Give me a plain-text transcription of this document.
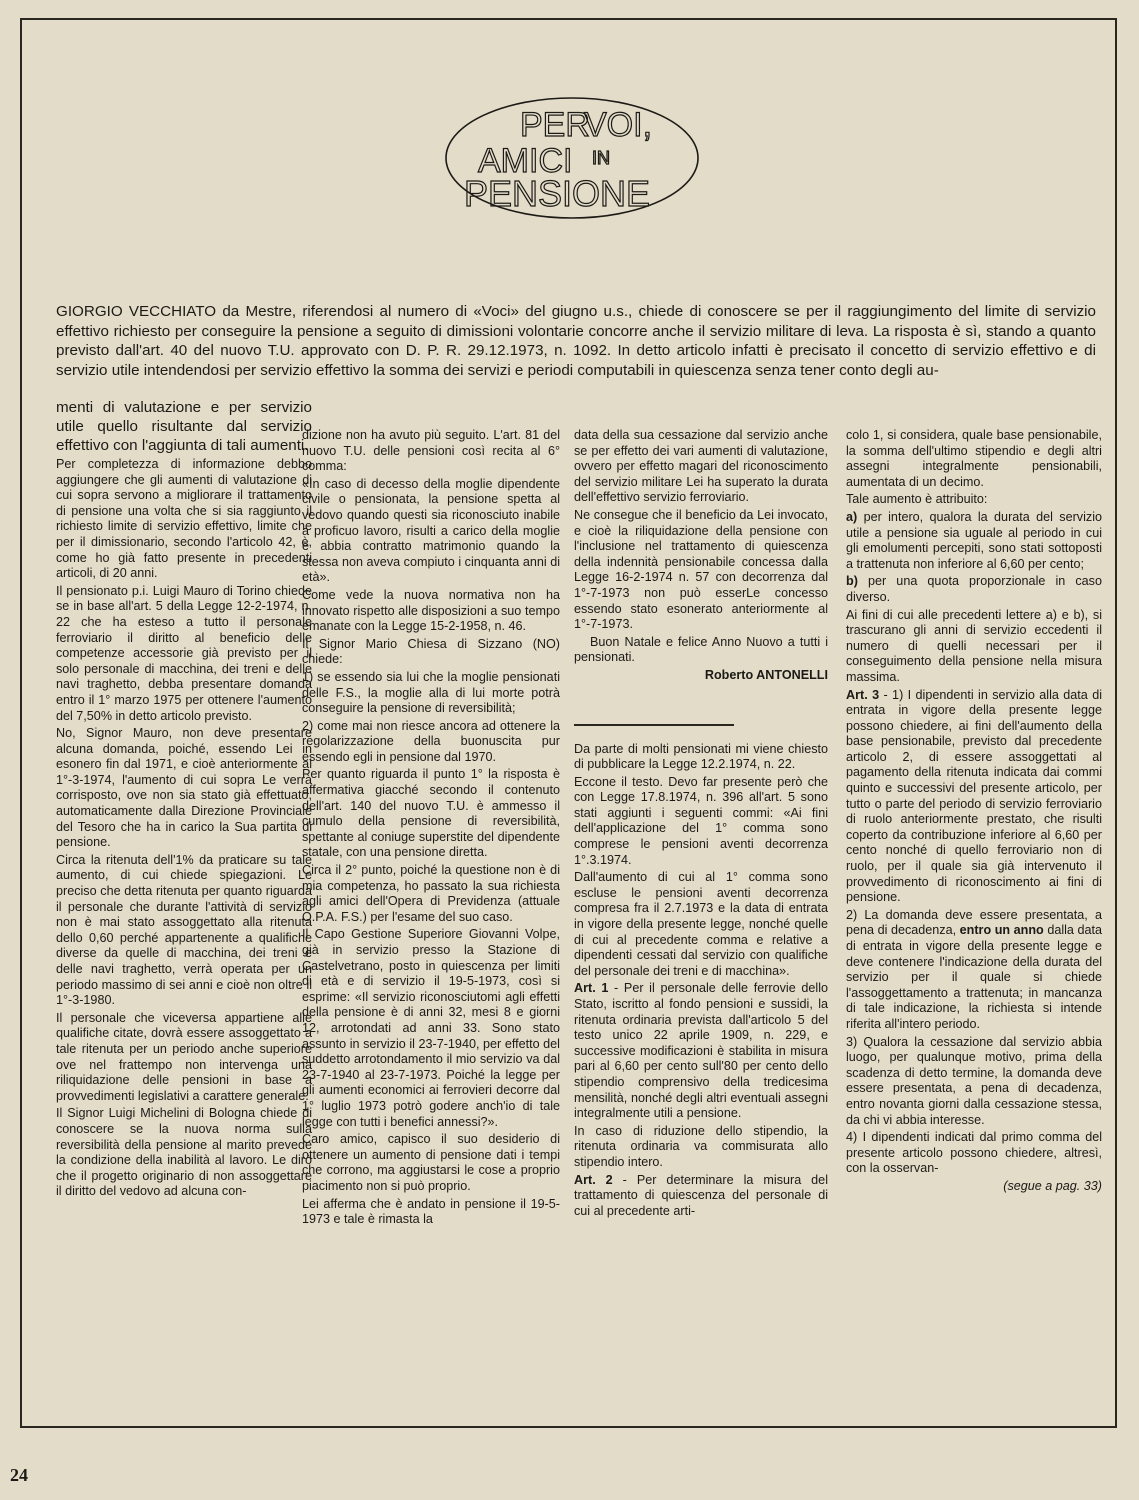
PER
VOI,
AMICI IN
PENSIONE

GIORGIO VECCHIATO da Mestre, riferendosi al numero di «Voci» del giugno u.s., chiede di conoscere se per il raggiungimento del limite di servizio effettivo richiesto per conseguire la pensione a seguito di dimissioni volontarie concorre anche il servizio militare di leva. La risposta è sì, stando a quanto previsto dall'art. 40 del nuovo T.U. approvato con D. P. R. 29.12.1973, n. 1092. In detto articolo infatti è precisato il concetto di servizio effettivo e di servizio utile intendendosi per servizio effettivo la somma dei servizi e periodi computabili in quiescenza senza tener conto degli au-

menti di valutazione e per servizio utile quello risultante dal servizio effettivo con l'aggiunta di tali aumenti.

Per completezza di informazione debbo aggiungere che gli aumenti di valutazione di cui sopra servono a migliorare il trattamento di pensione una volta che si sia raggiunto il richiesto limite di servizio effettivo, limite che per il dimissionario, secondo l'articolo 42, è, come ho già fatto presente in precedenti articoli, di 20 anni.

Il pensionato p.i. Luigi Mauro di Torino chiede se in base all'art. 5 della Legge 12-2-1974, n. 22 che ha esteso a tutto il personale ferroviario il diritto al beneficio delle competenze accessorie già previsto per il solo personale di macchina, dei treni e delle navi traghetto, debba presentare domanda entro il 1° marzo 1975 per ottenere l'aumento del 7,50% in detto articolo previsto.

No, Signor Mauro, non deve presentare alcuna domanda, poiché, essendo Lei in esonero fin dal 1971, e cioè anteriormente al 1°-3-1974, l'aumento di cui sopra Le verrà corrisposto, ove non sia stato già effettuato, automaticamente dalla Direzione Provinciale del Tesoro che ha in carico la Sua partita di pensione.

Circa la ritenuta dell'1% da praticare su tale aumento, di cui chiede spiegazioni. Le preciso che detta ritenuta per quanto riguarda il personale che durante l'attività di servizio non è mai stato assoggettato alla ritenuta dello 0,60 perché appartenente a qualifiche diverse da quelle di macchina, dei treni e delle navi traghetto, verrà operata per un periodo massimo di sei anni e cioè non oltre il 1°-3-1980.

Il personale che viceversa appartiene alle qualifiche citate, dovrà essere assoggettato a tale ritenuta per un periodo anche superiore ove nel frattempo non intervenga una riliquidazione delle pensioni in base a provvedimenti legislativi a carattere generale.

Il Signor Luigi Michelini di Bologna chiede di conoscere se la nuova norma sulla reversibilità della pensione al marito prevede la condizione della inabilità al lavoro. Le dirò che il progetto originario di non assoggettare il diritto del vedovo ad alcuna con-

dizione non ha avuto più seguito. L'art. 81 del nuovo T.U. delle pensioni così recita al 6° comma:

«In caso di decesso della moglie dipendente civile o pensionata, la pensione spetta al vedovo quando questi sia riconosciuto inabile a proficuo lavoro, risulti a carico della moglie e abbia contratto matrimonio quando la stessa non aveva compiuto i cinquanta anni di età».

Come vede la nuova normativa non ha innovato rispetto alle disposizioni a suo tempo emanate con la Legge 15-2-1958, n. 46.

Il Signor Mario Chiesa di Sizzano (NO) chiede:

1) se essendo sia lui che la moglie pensionati delle F.S., la moglie alla di lui morte potrà conseguire la pensione di reversibilità;

2) come mai non riesce ancora ad ottenere la regolarizzazione della buonuscita pur essendo egli in pensione dal 1970.

Per quanto riguarda il punto 1° la risposta è affermativa giacché secondo il contenuto dell'art. 140 del nuovo T.U. è ammesso il cumulo della pensione di reversibilità, spettante al coniuge superstite del dipendente statale, con una pensione diretta.

Circa il 2° punto, poiché la questione non è di mia competenza, ho passato la sua richiesta agli amici dell'Opera di Previdenza (attuale O.P.A. F.S.) per l'esame del suo caso.

Il Capo Gestione Superiore Giovanni Volpe, già in servizio presso la Stazione di Castelvetrano, posto in quiescenza per limiti di età e di servizio il 19-5-1973, così si esprime: «Il servizio riconosciutomi agli effetti della pensione è di anni 32, mesi 8 e giorni 12, arrotondati ad anni 33. Sono stato assunto in servizio il 23-7-1940, per effetto del suddetto arrotondamento il mio servizio va dal 23-7-1940 al 23-7-1973. Poiché la legge per gli aumenti economici ai ferrovieri decorre dal 1° luglio 1973 potrò godere anch'io di tale legge con tutti i benefici annessi?».

Caro amico, capisco il suo desiderio di ottenere un aumento di pensione dati i tempi che corrono, ma aggiustarsi le cose a proprio piacimento non si può proprio.

Lei afferma che è andato in pensione il 19-5-1973 e tale è rimasta la

data della sua cessazione dal servizio anche se per effetto dei vari aumenti di valutazione, ovvero per effetto magari del riconoscimento del servizio militare Lei ha superato la durata dell'effettivo servizio ferroviario.

Ne consegue che il beneficio da Lei invocato, e cioè la riliquidazione della pensione con l'inclusione nel trattamento di quiescenza della indennità pensionabile concessa dalla Legge 16-2-1974 n. 57 con decorrenza dal 1°-7-1973 non può esserLe concesso essendo stato esonerato anteriormente al 1°-7-1973.

Buon Natale e felice Anno Nuovo a tutti i pensionati.

Roberto ANTONELLI

Da parte di molti pensionati mi viene chiesto di pubblicare la Legge 12.2.1974, n. 22.

Eccone il testo. Devo far presente però che con Legge 17.8.1974, n. 396 all'art. 5 sono stati aggiunti i seguenti commi: «Ai fini dell'applicazione del 1° comma sono comprese le pensioni aventi decorrenza 1°.3.1974.

Dall'aumento di cui al 1° comma sono escluse le pensioni aventi decorrenza compresa fra il 2.7.1973 e la data di entrata in vigore della presente legge, nonché quelle di cui al precedente comma e relative a dipendenti cessati dal servizio con qualifiche del personale dei treni e di macchina».

Art. 1 - Per il personale delle ferrovie dello Stato, iscritto al fondo pensioni e sussidi, la ritenuta ordinaria prevista dall'articolo 5 del testo unico 22 aprile 1909, n. 229, e successive modificazioni è stabilita in misura pari al 6,60 per cento sull'80 per cento dello stipendio comprensivo della tredicesima mensilità, nonché degli altri eventuali assegni integralmente utili a pensione.

In caso di riduzione dello stipendio, la ritenuta ordinaria va commisurata allo stipendio intero.

Art. 2 - Per determinare la misura del trattamento di quiescenza del personale di cui al precedente arti-

colo 1, si considera, quale base pensionabile, la somma dell'ultimo stipendio e degli altri assegni integralmente pensionabili, aumentata di un decimo.

Tale aumento è attribuito:

a) per intero, qualora la durata del servizio utile a pensione sia uguale al periodo in cui gli emolumenti percepiti, sono stati sottoposti a trattenuta non inferiore al 6,60 per cento;

b) per una quota proporzionale in caso diverso.

Ai fini di cui alle precedenti lettere a) e b), si trascurano gli anni di servizio eccedenti il numero di quelli necessari per il conseguimento della pensione nella misura massima.

Art. 3 - 1) I dipendenti in servizio alla data di entrata in vigore della presente legge possono chiedere, ai fini dell'aumento della base pensionabile, previsto dal precedente articolo 2, di essere assoggettati al pagamento della ritenuta indicata dai commi quinto e successivi del presente articolo, per tutto o parte del periodo di servizio ferroviario di ruolo anteriormente prestato, che risulti coperto da contribuzione inferiore al 6,60 per cento nonché di quello ferroviario non di ruolo, per il quale sia già intervenuto il provvedimento di riconoscimento ai fini di pensione.

2) La domanda deve essere presentata, a pena di decadenza, entro un anno dalla data di entrata in vigore della presente legge e deve contenere l'indicazione della durata del servizio per il quale si chiede l'assoggettamento a trattenuta; in mancanza di tale indicazione, la richiesta si intende riferita all'intero periodo.

3) Qualora la cessazione dal servizio abbia luogo, per qualunque motivo, prima della scadenza di detto termine, la domanda deve essere presentata, a pena di decadenza, entro novanta giorni dalla cessazione stessa, da chi vi abbia interesse.

4) I dipendenti indicati dal primo comma del presente articolo possono chiedere, altresì, con la osservan-

(segue a pag. 33)

24
